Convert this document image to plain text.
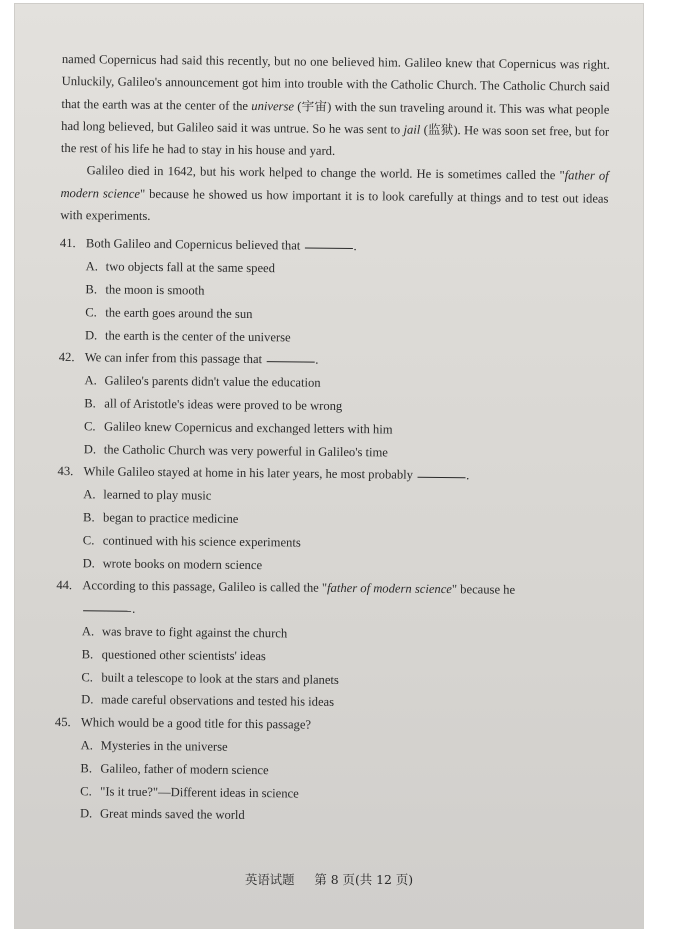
named Copernicus had said this recently, but no one believed him. Galileo knew that Copernicus was right. Unluckily, Galileo's announcement got him into trouble with the Catholic Church. The Catholic Church said that the earth was at the center of the universe (宇宙) with the sun traveling around it. This was what people had long believed, but Galileo said it was untrue. So he was sent to jail (监狱). He was soon set free, but for the rest of his life he had to stay in his house and yard.

Galileo died in 1642, but his work helped to change the world. He is sometimes called the "father of modern science" because he showed us how important it is to look carefully at things and to test out ideas with experiments.

41. Both Galileo and Copernicus believed that	.
A. two objects fall at the same speed
B. the moon is smooth
C. the earth goes around the sun
D. the earth is the center of the universe
42. We can infer from this passage that	.
A. Galileo's parents didn't value the education
B. all of Aristotle's ideas were proved to be wrong
C. Galileo knew Copernicus and exchanged letters with him
D. the Catholic Church was very powerful in Galileo's time
43. While Galileo stayed at home in his later years, he most probably	.
A. learned to play music
B. began to practice medicine
C. continued with his science experiments
D. wrote books on modern science
44. According to this passage, Galileo is called the "father of modern science" because he
.
A. was brave to fight against the church
B. questioned other scientists' ideas
C. built a telescope to look at the stars and planets
D. made careful observations and tested his ideas
45. Which would be a good title for this passage?
A. Mysteries in the universe
B. Galileo, father of modern science
C. "Is it true?"—Different ideas in science
D. Great minds saved the world
英语试题 第 8 页(共 12 页)
